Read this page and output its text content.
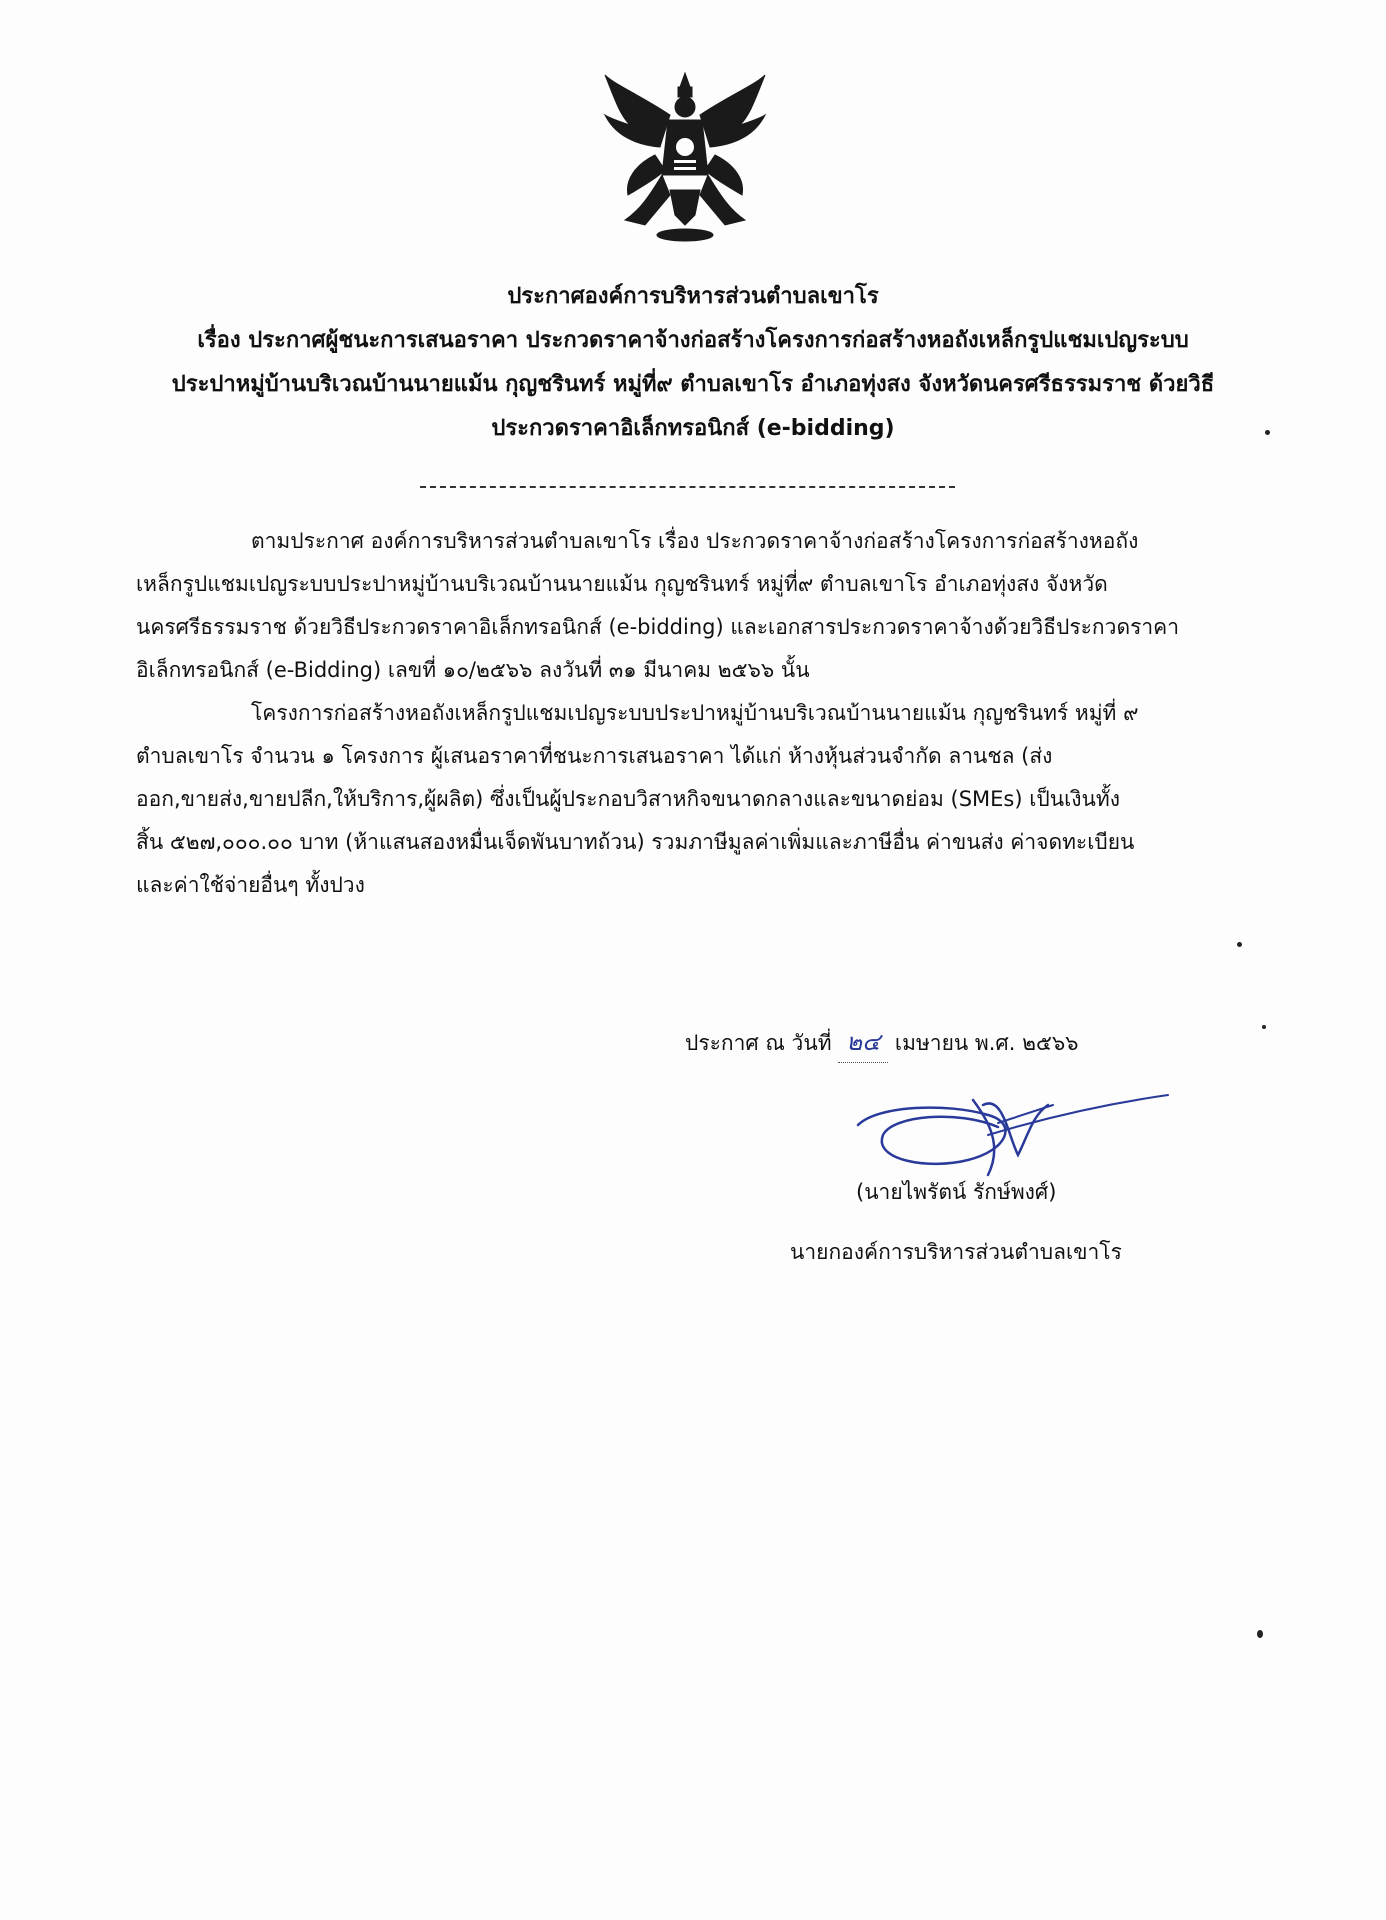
ประกาศองค์การบริหารส่วนตำบลเขาโร
เรื่อง ประกาศผู้ชนะการเสนอราคา ประกวดราคาจ้างก่อสร้างโครงการก่อสร้างหอถังเหล็กรูปแชมเปญระบบ
ประปาหมู่บ้านบริเวณบ้านนายแม้น กุญชรินทร์ หมู่ที่๙ ตำบลเขาโร อำเภอทุ่งสง จังหวัดนครศรีธรรมราช ด้วยวิธี
ประกวดราคาอิเล็กทรอนิกส์ (e-bidding)
ตามประกาศ องค์การบริหารส่วนตำบลเขาโร เรื่อง ประกวดราคาจ้างก่อสร้างโครงการก่อสร้างหอถัง
เหล็กรูปแชมเปญระบบประปาหมู่บ้านบริเวณบ้านนายแม้น กุญชรินทร์ หมู่ที่๙ ตำบลเขาโร อำเภอทุ่งสง จังหวัด
นครศรีธรรมราช ด้วยวิธีประกวดราคาอิเล็กทรอนิกส์ (e-bidding) และเอกสารประกวดราคาจ้างด้วยวิธีประกวดราคา
อิเล็กทรอนิกส์ (e-Bidding) เลขที่ ๑๐/๒๕๖๖ ลงวันที่ ๓๑ มีนาคม ๒๕๖๖ นั้น
โครงการก่อสร้างหอถังเหล็กรูปแชมเปญระบบประปาหมู่บ้านบริเวณบ้านนายแม้น กุญชรินทร์ หมู่ที่ ๙
ตำบลเขาโร จำนวน ๑ โครงการ ผู้เสนอราคาที่ชนะการเสนอราคา ได้แก่ ห้างหุ้นส่วนจำกัด ลานชล (ส่ง
ออก,ขายส่ง,ขายปลีก,ให้บริการ,ผู้ผลิต) ซึ่งเป็นผู้ประกอบวิสาหกิจขนาดกลางและขนาดย่อม (SMEs) เป็นเงินทั้ง
สิ้น ๕๒๗,๐๐๐.๐๐ บาท (ห้าแสนสองหมื่นเจ็ดพันบาทถ้วน) รวมภาษีมูลค่าเพิ่มและภาษีอื่น ค่าขนส่ง ค่าจดทะเบียน
และค่าใช้จ่ายอื่นๆ ทั้งปวง
ประกาศ ณ วันที่ ๒๔ เมษายน พ.ศ. ๒๕๖๖
(นายไพรัตน์ รักษ์พงศ์)
นายกองค์การบริหารส่วนตำบลเขาโร
